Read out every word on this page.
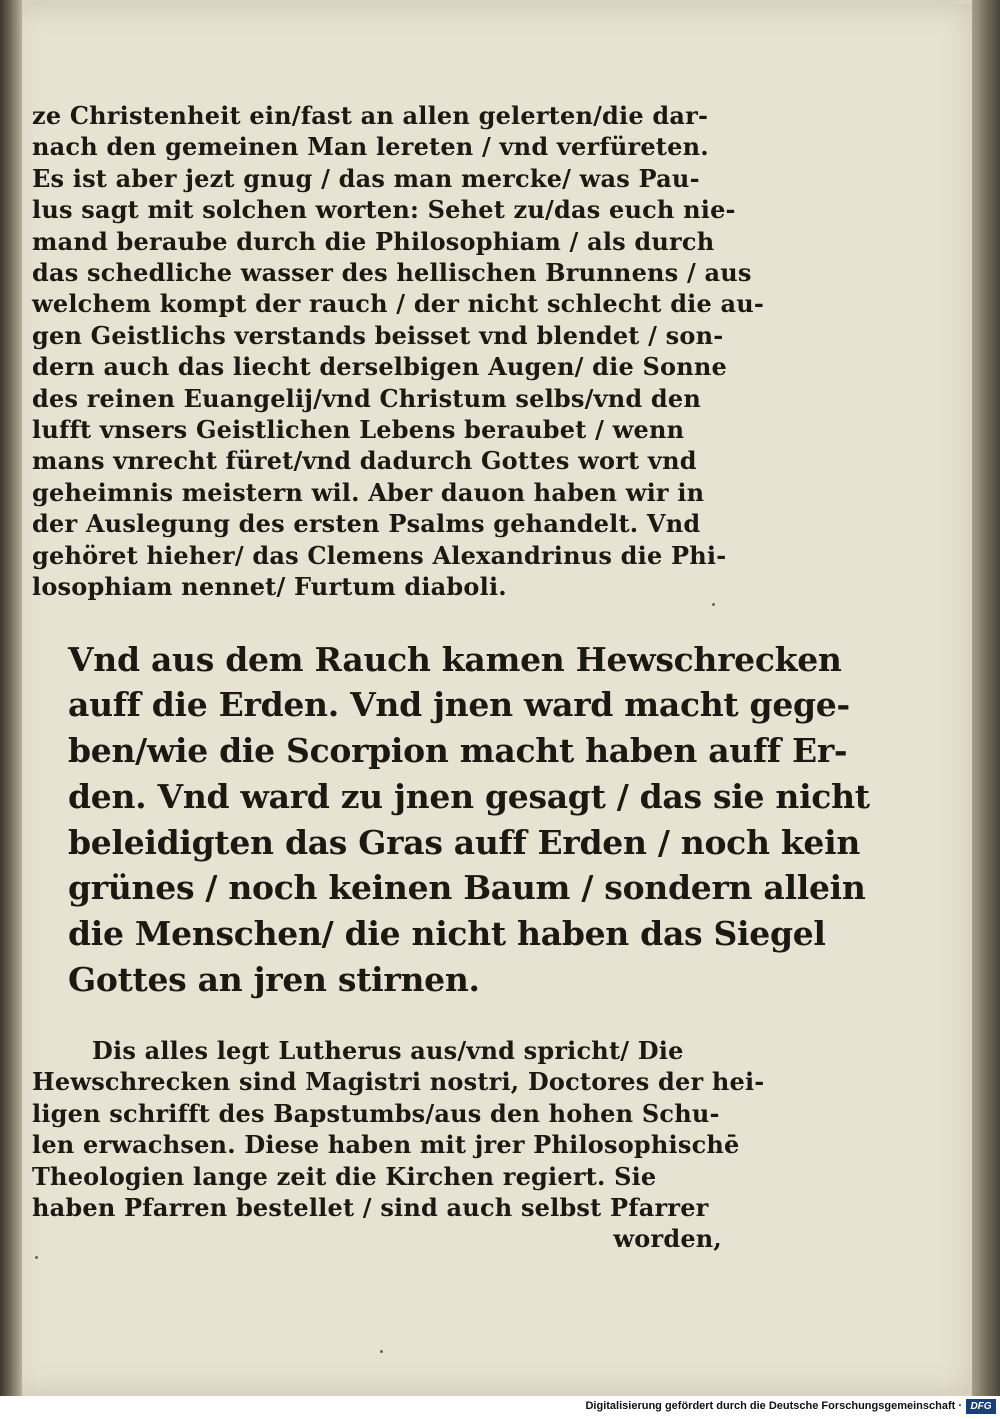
ze Christenheit ein/fast an allen gelerten/die dar-
nach den gemeinen Man lereten / vnd verfüreten.
Es ist aber jezt gnug / das man mercke/ was Pau-
lus sagt mit solchen worten: Sehet zu/das euch nie-
mand beraube durch die Philosophiam / als durch
das schedliche wasser des hellischen Brunnens / aus
welchem kompt der rauch / der nicht schlecht die au-
gen Geistlichs verstands beisset vnd blendet / son-
dern auch das liecht derselbigen Augen/ die Sonne
des reinen Euangelij/vnd Christum selbs/vnd den
lufft vnsers Geistlichen Lebens beraubet / wenn
mans vnrecht füret/vnd dadurch Gottes wort vnd
geheimnis meistern wil. Aber dauon haben wir in
der Auslegung des ersten Psalms gehandelt. Vnd
gehöret hieher/ das Clemens Alexandrinus die Phi-
losophiam nennet/ Furtum diaboli.
Vnd aus dem Rauch kamen Hewschrecken
auff die Erden. Vnd jnen ward macht gege-
ben/wie die Scorpion macht haben auff Er-
den. Vnd ward zu jnen gesagt / das sie nicht
beleidigten das Gras auff Erden / noch kein
grünes / noch keinen Baum / sondern allein
die Menschen/ die nicht haben das Siegel
Gottes an jren stirnen.
Dis alles legt Lutherus aus/vnd spricht/ Die
Hewschrecken sind Magistri nostri, Doctores der hei-
ligen schrifft des Bapstumbs/aus den hohen Schu-
len erwachsen. Diese haben mit jrer Philosophischē
Theologien lange zeit die Kirchen regiert. Sie
haben Pfarren bestellet / sind auch selbst Pfarrer
worden,
Digitalisierung gefördert durch die Deutsche Forschungsgemeinschaft · DFG
